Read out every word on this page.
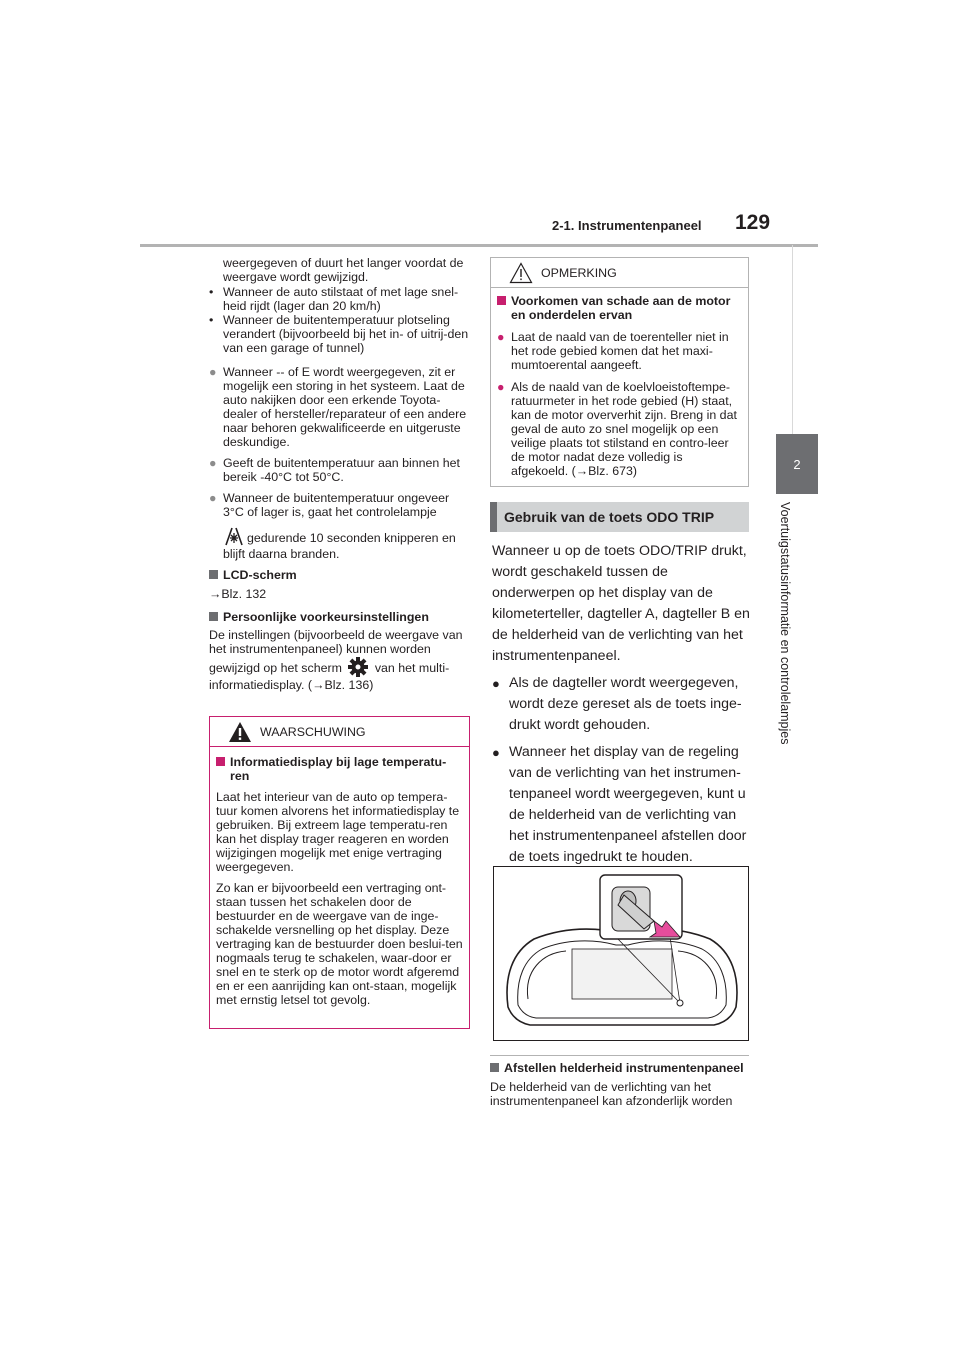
2-1. Instrumentenpaneel 129
2
Voertuigstatusinformatie en controlelampjes
weergegeven of duurt het langer voordat de weergave wordt gewijzigd.
• Wanneer de auto stilstaat of met lage snel-heid rijdt (lager dan 20 km/h)
• Wanneer de buitentemperatuur plotseling verandert (bijvoorbeeld bij het in- of uitrij-den van een garage of tunnel)
● Wanneer -- of E wordt weergegeven, zit er mogelijk een storing in het systeem. Laat de auto nakijken door een erkende Toyota-dealer of hersteller/reparateur of een andere naar behoren gekwalificeerde en uitgeruste deskundige.
● Geeft de buitentemperatuur aan binnen het bereik -40°C tot 50°C.
● Wanneer de buitentemperatuur ongeveer 3°C of lager is, gaat het controlelampje
gedurende 10 seconden knipperen en blijft daarna branden.
LCD-scherm
→Blz. 132
Persoonlijke voorkeursinstellingen
De instellingen (bijvoorbeeld de weergave van het instrumentenpaneel) kunnen worden gewijzigd op het scherm	van het multi-informatiedisplay. (→Blz. 136)
WAARSCHUWING
Informatiedisplay bij lage temperatu-ren
Laat het interieur van de auto op tempera-tuur komen alvorens het informatiedisplay te gebruiken. Bij extreem lage temperatu-ren kan het display trager reageren en worden wijzigingen mogelijk met enige vertraging weergegeven.
Zo kan er bijvoorbeeld een vertraging ont-staan tussen het schakelen door de bestuurder en de weergave van de inge-schakelde versnelling op het display. Deze vertraging kan de bestuurder doen beslui-ten nogmaals terug te schakelen, waar-door er snel en te sterk op de motor wordt afgeremd en er een aanrijding kan ont-staan, mogelijk met ernstig letsel tot gevolg.
OPMERKING
Voorkomen van schade aan de motor en onderdelen ervan
● Laat de naald van de toerenteller niet in het rode gebied komen dat het maxi-mumtoerental aangeeft.
● Als de naald van de koelvloeistoftempe-ratuurmeter in het rode gebied (H) staat, kan de motor oververhit zijn. Breng in dat geval de auto zo snel mogelijk op een veilige plaats tot stilstand en contro-leer de motor nadat deze volledig is afgekoeld. (→Blz. 673)
Gebruik van de toets ODO TRIP
Wanneer u op de toets ODO/TRIP drukt, wordt geschakeld tussen de onderwerpen op het display van de kilometerteller, dagteller A, dagteller B en de helderheid van de verlichting van het instrumentenpaneel.
● Als de dagteller wordt weergegeven, wordt deze gereset als de toets inge-drukt wordt gehouden.
● Wanneer het display van de regeling van de verlichting van het instrumen-tenpaneel wordt weergegeven, kunt u de helderheid van de verlichting van het instrumentenpaneel afstellen door de toets ingedrukt te houden.
Afstellen helderheid instrumentenpaneel
De helderheid van de verlichting van het instrumentenpaneel kan afzonderlijk worden
